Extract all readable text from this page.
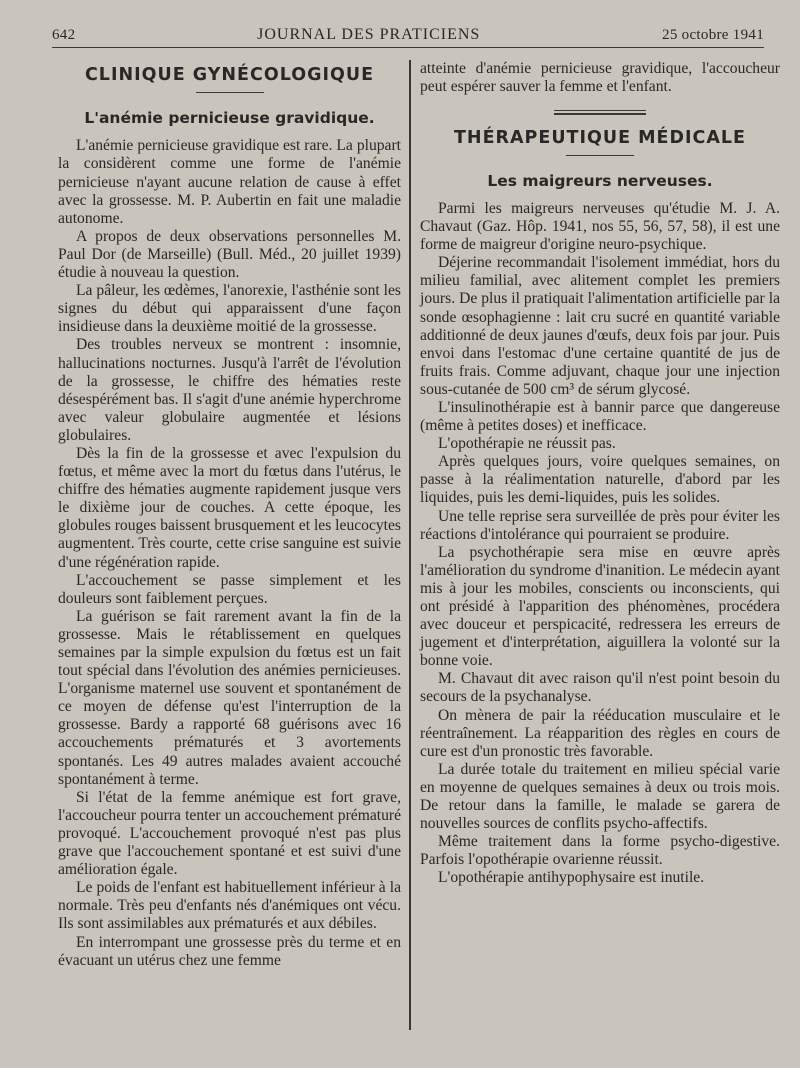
642	JOURNAL DES PRATICIENS	25 octobre 1941
CLINIQUE GYNÉCOLOGIQUE
L'anémie pernicieuse gravidique.

L'anémie pernicieuse gravidique est rare. La plupart la considèrent comme une forme de l'anémie pernicieuse n'ayant aucune relation de cause à effet avec la grossesse. M. P. Aubertin en fait une maladie autonome.

A propos de deux observations personnelles M. Paul Dor (de Marseille) (Bull. Méd., 20 juillet 1939) étudie à nouveau la question.

La pâleur, les œdèmes, l'anorexie, l'asthénie sont les signes du début qui apparaissent d'une façon insidieuse dans la deuxième moitié de la grossesse.

Des troubles nerveux se montrent : insomnie, hallucinations nocturnes. Jusqu'à l'arrêt de l'évolution de la grossesse, le chiffre des hématies reste désespérément bas. Il s'agit d'une anémie hyperchrome avec valeur globulaire augmentée et lésions globulaires.

Dès la fin de la grossesse et avec l'expulsion du fœtus, et même avec la mort du fœtus dans l'utérus, le chiffre des hématies augmente rapidement jusque vers le dixième jour de couches. A cette époque, les globules rouges baissent brusquement et les leucocytes augmentent. Très courte, cette crise sanguine est suivie d'une régénération rapide.

L'accouchement se passe simplement et les douleurs sont faiblement perçues.

La guérison se fait rarement avant la fin de la grossesse. Mais le rétablissement en quelques semaines par la simple expulsion du fœtus est un fait tout spécial dans l'évolution des anémies pernicieuses. L'organisme maternel use souvent et spontanément de ce moyen de défense qu'est l'interruption de la grossesse. Bardy a rapporté 68 guérisons avec 16 accouchements prématurés et 3 avortements spontanés. Les 49 autres malades avaient accouché spontanément à terme.

Si l'état de la femme anémique est fort grave, l'accoucheur pourra tenter un accouchement prématuré provoqué. L'accouchement provoqué n'est pas plus grave que l'accouchement spontané et est suivi d'une amélioration égale.

Le poids de l'enfant est habituellement inférieur à la normale. Très peu d'enfants nés d'anémiques ont vécu. Ils sont assimilables aux prématurés et aux débiles.

En interrompant une grossesse près du terme et en évacuant un utérus chez une femme

atteinte d'anémie pernicieuse gravidique, l'accoucheur peut espérer sauver la femme et l'enfant.

THÉRAPEUTIQUE MÉDICALE
Les maigreurs nerveuses.

Parmi les maigreurs nerveuses qu'étudie M. J. A. Chavaut (Gaz. Hôp. 1941, nos 55, 56, 57, 58), il est une forme de maigreur d'origine neuro-psychique.

Déjerine recommandait l'isolement immédiat, hors du milieu familial, avec alitement complet les premiers jours. De plus il pratiquait l'alimentation artificielle par la sonde œsophagienne : lait cru sucré en quantité variable additionné de deux jaunes d'œufs, deux fois par jour. Puis envoi dans l'estomac d'une certaine quantité de jus de fruits frais. Comme adjuvant, chaque jour une injection sous-cutanée de 500 cm³ de sérum glycosé.

L'insulinothérapie est à bannir parce que dangereuse (même à petites doses) et inefficace.

L'opothérapie ne réussit pas.

Après quelques jours, voire quelques semaines, on passe à la réalimentation naturelle, d'abord par les liquides, puis les demi-liquides, puis les solides.

Une telle reprise sera surveillée de près pour éviter les réactions d'intolérance qui pourraient se produire.

La psychothérapie sera mise en œuvre après l'amélioration du syndrome d'inanition. Le médecin ayant mis à jour les mobiles, conscients ou inconscients, qui ont présidé à l'apparition des phénomènes, procédera avec douceur et perspicacité, redressera les erreurs de jugement et d'interprétation, aiguillera la volonté sur la bonne voie.

M. Chavaut dit avec raison qu'il n'est point besoin du secours de la psychanalyse.

On mènera de pair la rééducation musculaire et le réentraînement. La réapparition des règles en cours de cure est d'un pronostic très favorable.

La durée totale du traitement en milieu spécial varie en moyenne de quelques semaines à deux ou trois mois. De retour dans la famille, le malade se garera de nouvelles sources de conflits psycho-affectifs.

Même traitement dans la forme psycho-digestive. Parfois l'opothérapie ovarienne réussit.

L'opothérapie antihypophysaire est inutile.
